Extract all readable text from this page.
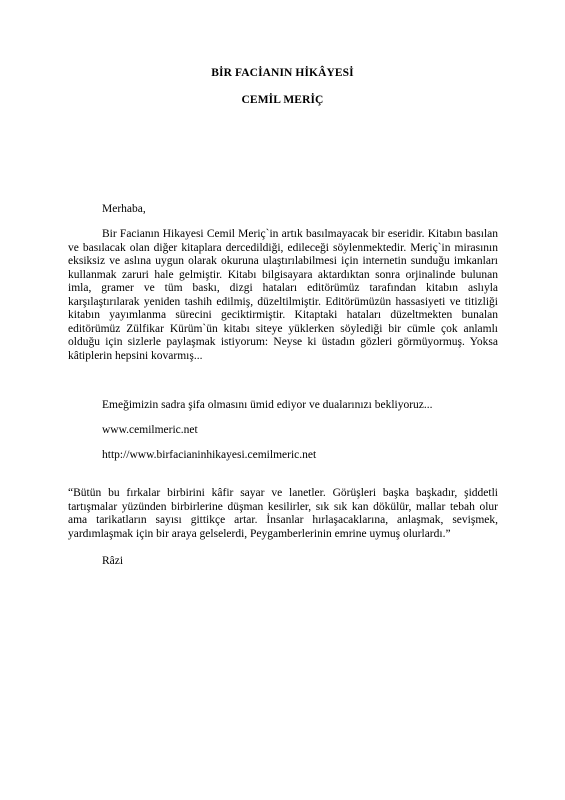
BİR FACİANIN HİKÂYESİ
CEMİL MERİÇ
Merhaba,

Bir Facianın Hikayesi Cemil Meriç`in artık basılmayacak bir eseridir. Kitabın basılan ve basılacak olan diğer kitaplara dercedildiği, edileceği söylenmektedir. Meriç`in mirasının eksiksiz ve aslına uygun olarak okuruna ulaştırılabilmesi için internetin sunduğu imkanları kullanmak zaruri hale gelmiştir. Kitabı bilgisayara aktardıktan sonra orjinalinde bulunan imla, gramer ve tüm baskı, dizgi hataları editörümüz tarafından kitabın aslıyla karşılaştırılarak yeniden tashih edilmiş, düzeltilmiştir. Editörümüzün hassasiyeti ve titizliği kitabın yayımlanma sürecini geciktirmiştir. Kitaptaki hataları düzeltmekten bunalan editörümüz Zülfikar Kürüm`ün kitabı siteye yüklerken söylediği bir cümle çok anlamlı olduğu için sizlerle paylaşmak istiyorum: Neyse ki üstadın gözleri görmüyormuş. Yoksa kâtiplerin hepsini kovarmış...

Emeğimizin sadra şifa olmasını ümid ediyor ve dualarınızı bekliyoruz...
www.cemilmeric.net
http://www.birfacianinhikayesi.cemilmeric.net

“Bütün bu fırkalar birbirini kâfir sayar ve lanetler. Görüşleri başka başkadır, şiddetli tartışmalar yüzünden birbirlerine düşman kesilirler, sık sık kan dökülür, mallar tebah olur ama tarikatların sayısı gittikçe artar. İnsanlar hırlaşacaklarına, anlaşmak, sevişmek, yardımlaşmak için bir araya gelselerdi, Peygamberlerinin emrine uymuş olurlardı.”

Râzi
